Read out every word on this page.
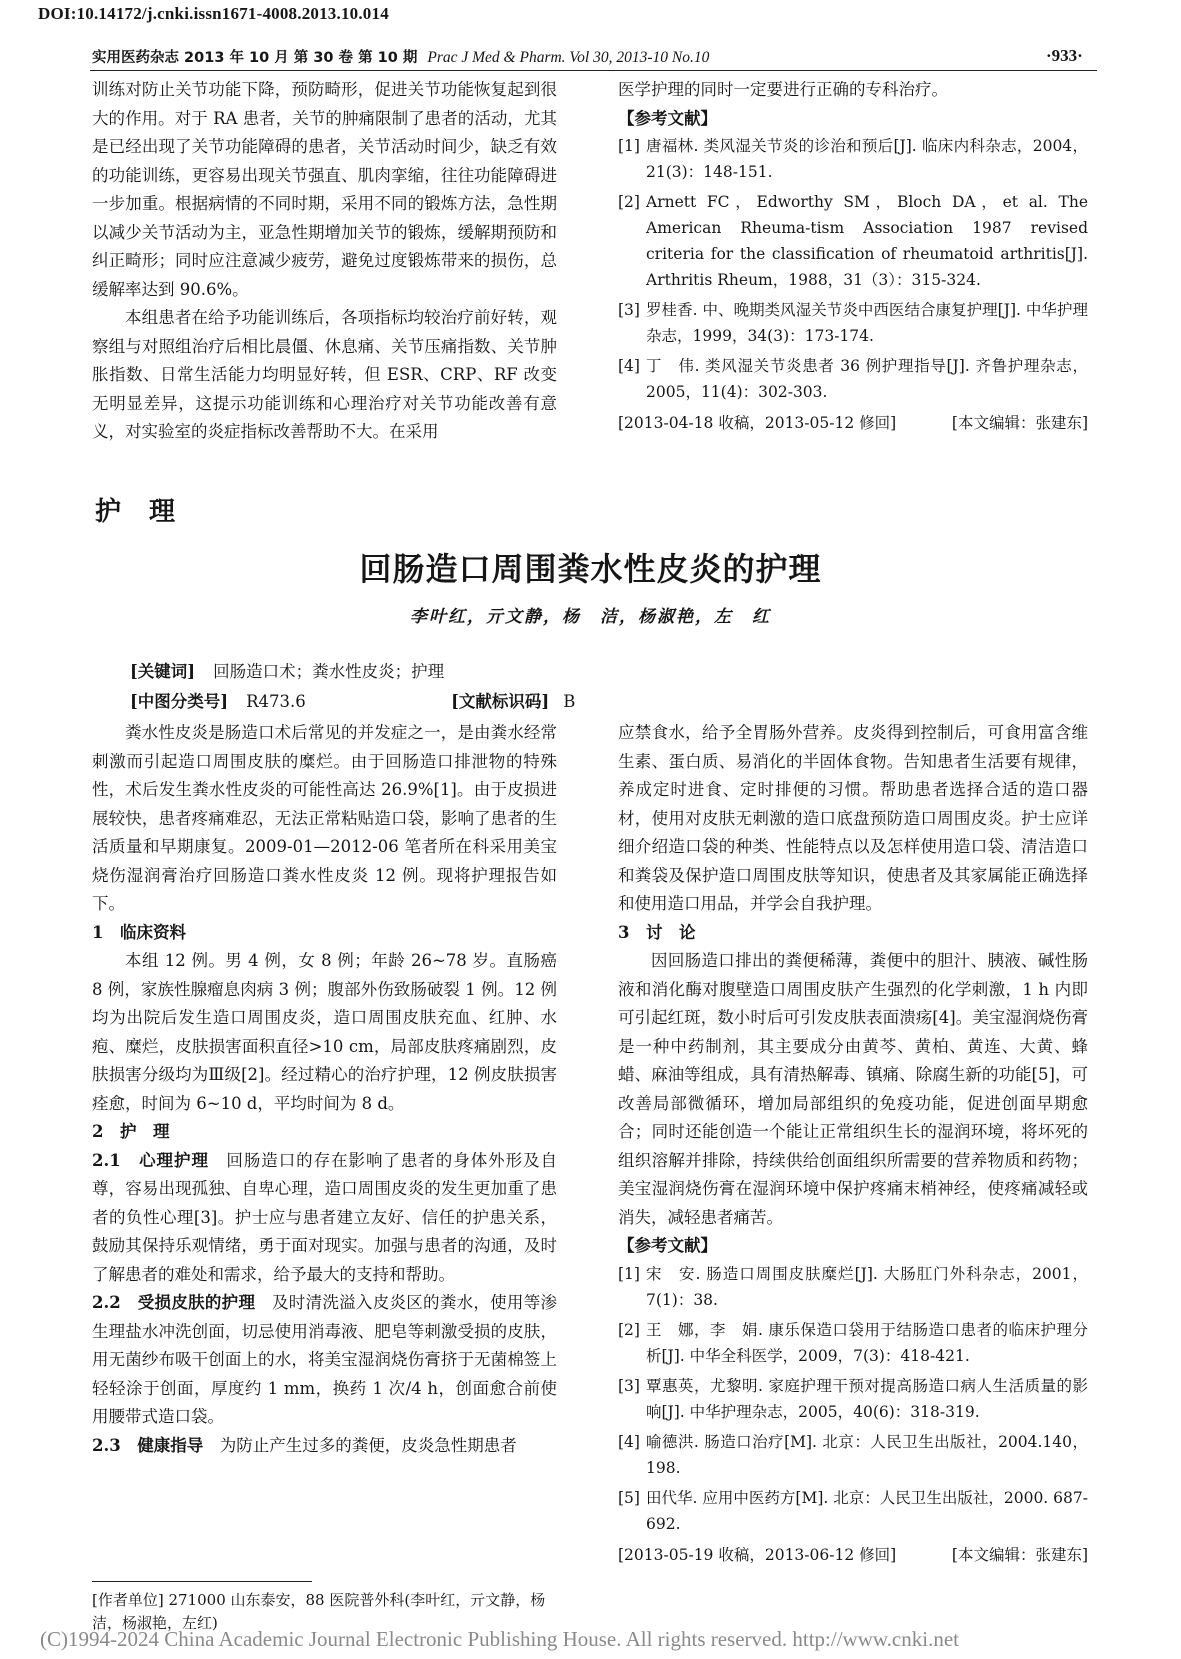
DOI:10.14172/j.cnki.issn1671-4008.2013.10.014
实用医药杂志 2013 年 10 月 第 30 卷 第 10 期 Prac J Med & Pharm. Vol 30, 2013-10 No.10	·933·

训练对防止关节功能下降，预防畸形，促进关节功能恢复起到很大的作用。对于 RA 患者，关节的肿痛限制了患者的活动，尤其是已经出现了关节功能障碍的患者，关节活动时间少，缺乏有效的功能训练，更容易出现关节强直、肌肉挛缩，往往功能障碍进一步加重。根据病情的不同时期，采用不同的锻炼方法，急性期以减少关节活动为主，亚急性期增加关节的锻炼，缓解期预防和纠正畸形；同时应注意减少疲劳，避免过度锻炼带来的损伤，总缓解率达到 90.6%。

本组患者在给予功能训练后，各项指标均较治疗前好转，观察组与对照组治疗后相比晨僵、休息痛、关节压痛指数、关节肿胀指数、日常生活能力均明显好转，但 ESR、CRP、RF 改变无明显差异，这提示功能训练和心理治疗对关节功能改善有意义，对实验室的炎症指标改善帮助不大。在采用

医学护理的同时一定要进行正确的专科治疗。

【参考文献】

[1] 唐福林. 类风湿关节炎的诊治和预后[J]. 临床内科杂志，2004，21(3)：148-151.
[2] Arnett FC，Edworthy SM，Bloch DA，et al. The American Rheuma-tism Association 1987 revised criteria for the classification of rheumatoid arthritis[J]. Arthritis Rheum，1988，31（3）：315-324.
[3] 罗桂香. 中、晚期类风湿关节炎中西医结合康复护理[J]. 中华护理杂志，1999，34(3)：173-174.
[4] 丁　伟. 类风湿关节炎患者 36 例护理指导[J]. 齐鲁护理杂志，2005，11(4)：302-303.
[2013-04-18 收稿，2013-05-12 修回]	[本文编辑：张建东]
护理
回肠造口周围粪水性皮炎的护理
李叶红，亓文静，杨　洁，杨淑艳，左　红
[关键词] 回肠造口术；粪水性皮炎；护理
[中图分类号] R473.6	[文献标识码] B

粪水性皮炎是肠造口术后常见的并发症之一，是由粪水经常刺激而引起造口周围皮肤的糜烂。由于回肠造口排泄物的特殊性，术后发生粪水性皮炎的可能性高达 26.9%[1]。由于皮损进展较快，患者疼痛难忍，无法正常粘贴造口袋，影响了患者的生活质量和早期康复。2009-01—2012-06 笔者所在科采用美宝烧伤湿润膏治疗回肠造口粪水性皮炎 12 例。现将护理报告如下。

1　临床资料

本组 12 例。男 4 例，女 8 例；年龄 26~78 岁。直肠癌 8 例，家族性腺瘤息肉病 3 例；腹部外伤致肠破裂 1 例。12 例均为出院后发生造口周围皮炎，造口周围皮肤充血、红肿、水疱、糜烂，皮肤损害面积直径>10 cm，局部皮肤疼痛剧烈，皮肤损害分级均为Ⅲ级[2]。经过精心的治疗护理，12 例皮肤损害痊愈，时间为 6~10 d，平均时间为 8 d。

2　护　理

2.1　心理护理 回肠造口的存在影响了患者的身体外形及自尊，容易出现孤独、自卑心理，造口周围皮炎的发生更加重了患者的负性心理[3]。护士应与患者建立友好、信任的护患关系，鼓励其保持乐观情绪，勇于面对现实。加强与患者的沟通，及时了解患者的难处和需求，给予最大的支持和帮助。

2.2　受损皮肤的护理 及时清洗溢入皮炎区的粪水，使用等渗生理盐水冲洗创面，切忌使用消毒液、肥皂等刺激受损的皮肤，用无菌纱布吸干创面上的水，将美宝湿润烧伤膏挤于无菌棉签上轻轻涂于创面，厚度约 1 mm，换药 1 次/4 h，创面愈合前使用腰带式造口袋。

2.3　健康指导 为防止产生过多的粪便，皮炎急性期患者

应禁食水，给予全胃肠外营养。皮炎得到控制后，可食用富含维生素、蛋白质、易消化的半固体食物。告知患者生活要有规律，养成定时进食、定时排便的习惯。帮助患者选择合适的造口器材，使用对皮肤无刺激的造口底盘预防造口周围皮炎。护士应详细介绍造口袋的种类、性能特点以及怎样使用造口袋、清洁造口和粪袋及保护造口周围皮肤等知识，使患者及其家属能正确选择和使用造口用品，并学会自我护理。

3　讨　论

因回肠造口排出的粪便稀薄，粪便中的胆汁、胰液、碱性肠液和消化酶对腹壁造口周围皮肤产生强烈的化学刺激，1 h 内即可引起红斑，数小时后可引发皮肤表面溃疡[4]。美宝湿润烧伤膏是一种中药制剂，其主要成分由黄芩、黄柏、黄连、大黄、蜂蜡、麻油等组成，具有清热解毒、镇痛、除腐生新的功能[5]，可改善局部微循环，增加局部组织的免疫功能，促进创面早期愈合；同时还能创造一个能让正常组织生长的湿润环境，将坏死的组织溶解并排除，持续供给创面组织所需要的营养物质和药物；美宝湿润烧伤膏在湿润环境中保护疼痛末梢神经，使疼痛减轻或消失，减轻患者痛苦。

【参考文献】

[1] 宋　安. 肠造口周围皮肤糜烂[J]. 大肠肛门外科杂志，2001，7(1)：38.
[2] 王　娜，李　娟. 康乐保造口袋用于结肠造口患者的临床护理分析[J]. 中华全科医学，2009，7(3)：418-421.
[3] 覃惠英，尤黎明. 家庭护理干预对提高肠造口病人生活质量的影响[J]. 中华护理杂志，2005，40(6)：318-319.
[4] 喻德洪. 肠造口治疗[M]. 北京：人民卫生出版社，2004.140，198.
[5] 田代华. 应用中医药方[M]. 北京：人民卫生出版社，2000. 687-692.
[2013-05-19 收稿，2013-06-12 修回]	[本文编辑：张建东]
[作者单位] 271000 山东泰安，88 医院普外科(李叶红，亓文静，杨洁，杨淑艳，左红)
(C)1994-2024 China Academic Journal Electronic Publishing House. All rights reserved. http://www.cnki.net
